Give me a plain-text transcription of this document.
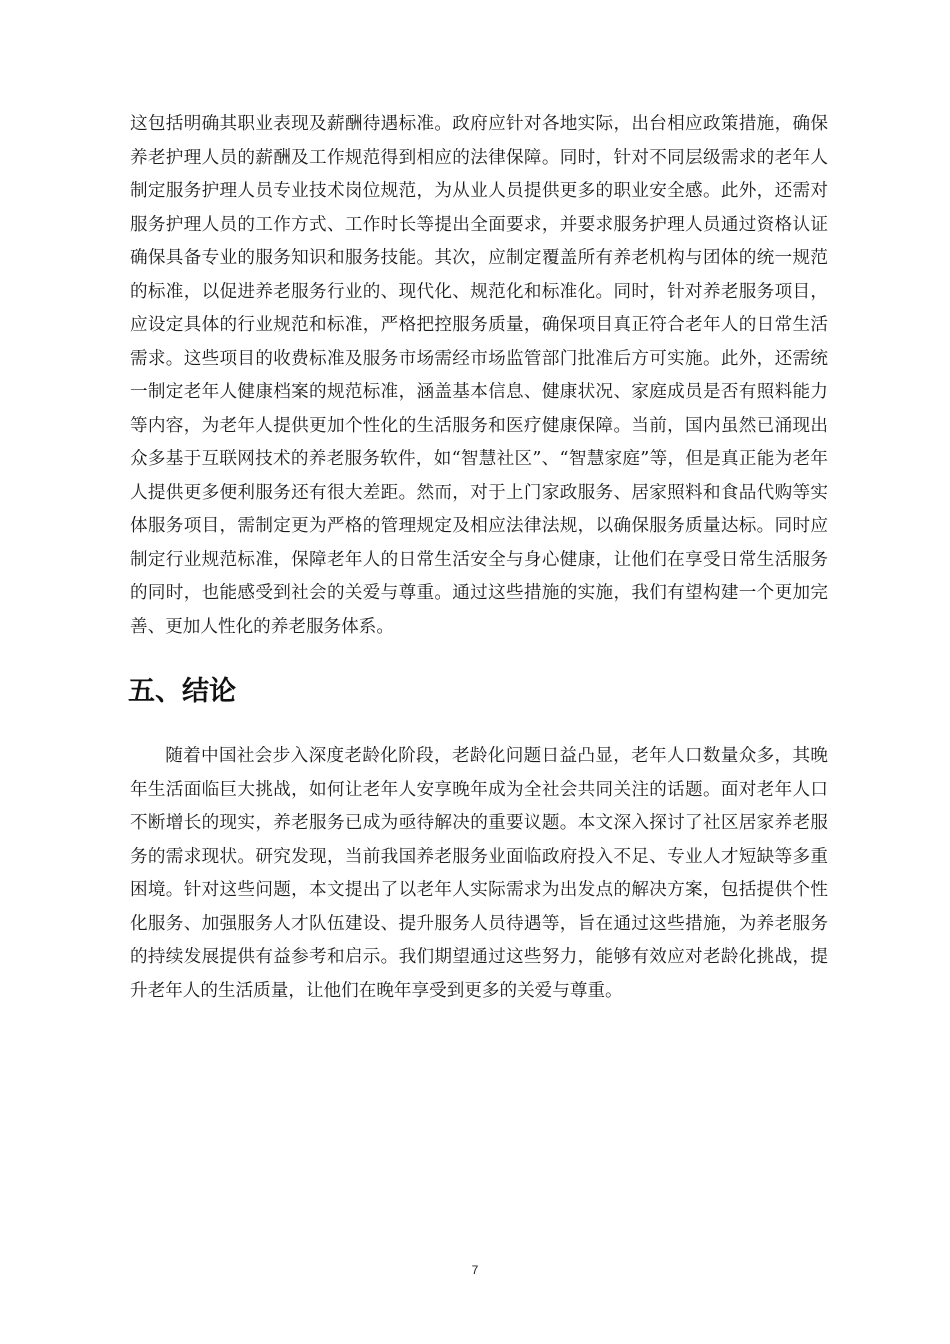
这包括明确其职业表现及薪酬待遇标准。政府应针对各地实际，出台相应政策措施，确保养老护理人员的薪酬及工作规范得到相应的法律保障。同时，针对不同层级需求的老年人制定服务护理人员专业技术岗位规范，为从业人员提供更多的职业安全感。此外，还需对服务护理人员的工作方式、工作时长等提出全面要求，并要求服务护理人员通过资格认证确保具备专业的服务知识和服务技能。其次，应制定覆盖所有养老机构与团体的统一规范的标准，以促进养老服务行业的、现代化、规范化和标准化。同时，针对养老服务项目，应设定具体的行业规范和标准，严格把控服务质量，确保项目真正符合老年人的日常生活需求。这些项目的收费标准及服务市场需经市场监管部门批准后方可实施。此外，还需统一制定老年人健康档案的规范标准，涵盖基本信息、健康状况、家庭成员是否有照料能力等内容，为老年人提供更加个性化的生活服务和医疗健康保障。当前，国内虽然已涌现出众多基于互联网技术的养老服务软件，如“智慧社区”、“智慧家庭”等，但是真正能为老年人提供更多便利服务还有很大差距。然而，对于上门家政服务、居家照料和食品代购等实体服务项目，需制定更为严格的管理规定及相应法律法规，以确保服务质量达标。同时应制定行业规范标准，保障老年人的日常生活安全与身心健康，让他们在享受日常生活服务的同时，也能感受到社会的关爱与尊重。通过这些措施的实施，我们有望构建一个更加完善、更加人性化的养老服务体系。

五、结论

随着中国社会步入深度老龄化阶段，老龄化问题日益凸显，老年人口数量众多，其晚年生活面临巨大挑战，如何让老年人安享晚年成为全社会共同关注的话题。面对老年人口不断增长的现实，养老服务已成为亟待解决的重要议题。本文深入探讨了社区居家养老服务的需求现状。研究发现，当前我国养老服务业面临政府投入不足、专业人才短缺等多重困境。针对这些问题，本文提出了以老年人实际需求为出发点的解决方案，包括提供个性化服务、加强服务人才队伍建设、提升服务人员待遇等，旨在通过这些措施，为养老服务的持续发展提供有益参考和启示。我们期望通过这些努力，能够有效应对老龄化挑战，提升老年人的生活质量，让他们在晚年享受到更多的关爱与尊重。

7
